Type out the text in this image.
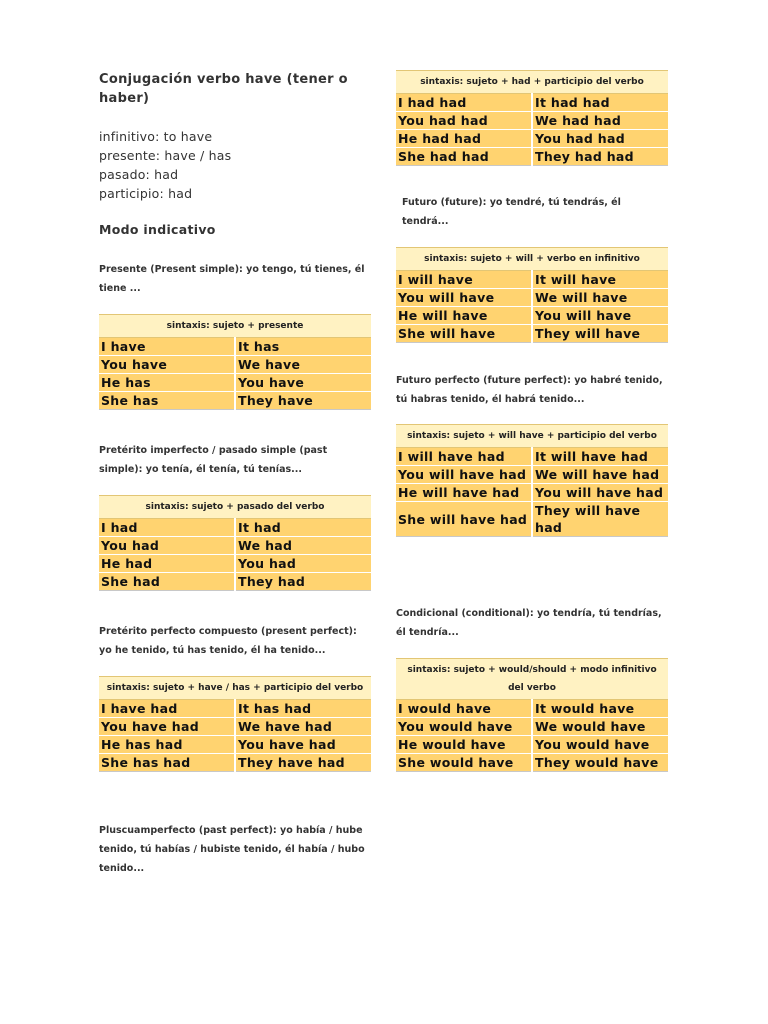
Conjugación verbo have (tener o haber)
infinitivo: to have
presente: have / has
pasado: had
participio: had
Modo indicativo
Presente (Present simple): yo tengo, tú tienes, él tiene ...
sintaxis: sujeto + presente	
I have	It has
You have	We have
He has	You have
She has	They have
Pretérito imperfecto / pasado simple (past simple): yo tenía, él tenía, tú tenías...
sintaxis: sujeto + pasado del verbo	
I had	It had
You had	We had
He had	You had
She had	They had
Pretérito perfecto compuesto (present perfect): yo he tenido, tú has tenido, él ha tenido...
sintaxis: sujeto + have / has + participio del verbo	
I have had	It has had
You have had	We have had
He has had	You have had
She has had	They have had
Pluscuamperfecto (past perfect): yo había / hube tenido, tú habías / hubiste tenido, él había / hubo tenido...
sintaxis: sujeto + had + participio del verbo	
I had had	It had had
You had had	We had had
He had had	You had had
She had had	They had had
Futuro (future): yo tendré, tú tendrás, él tendrá...
sintaxis: sujeto + will + verbo en infinitivo	
I will have	It will have
You will have	We will have
He will have	You will have
She will have	They will have
Futuro perfecto (future perfect): yo habré tenido, tú habras tenido, él habrá tenido...
sintaxis: sujeto + will have + participio del verbo	
I will have had	It will have had
You will have had	We will have had
He will have had	You will have had
She will have had	They will have had
Condicional (conditional): yo tendría, tú tendrías, él tendría...
sintaxis: sujeto + would/should + modo infinitivo del verbo	
I would have	It would have
You would have	We would have
He would have	You would have
She would have	They would have
